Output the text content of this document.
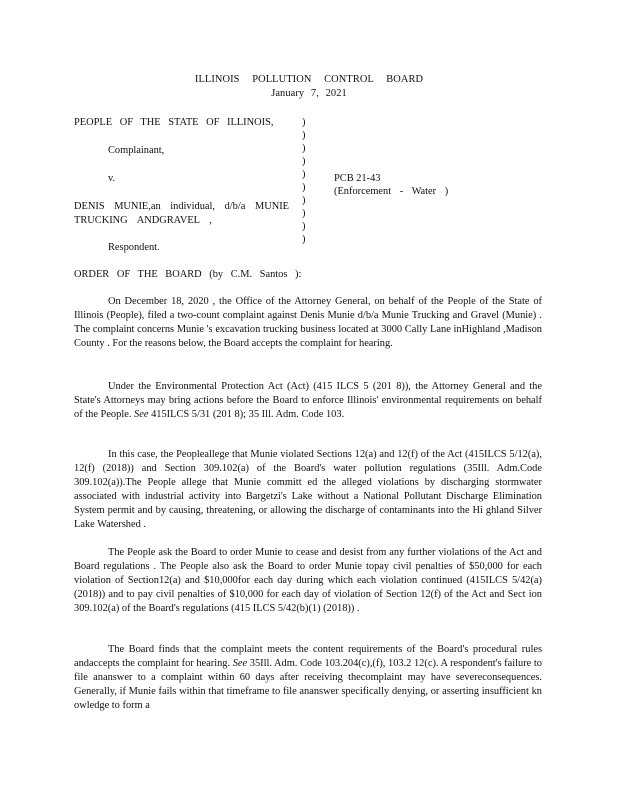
ILLINOIS POLLUTION CONTROL BOARD
January 7, 2021
PEOPLE OF THE STATE OF ILLINOIS,
Complainant,
v.	PCB 21-43
(Enforcement - Water )
DENIS MUNIE,an individual, d/b/a MUNIE
TRUCKING ANDGRAVEL ,
Respondent.
)
)
)
)
)
)
)
)
)
)
ORDER OF THE BOARD (by C.M. Santos ):

On December 18, 2020 , the Office of the Attorney General, on behalf of the People of the State of Illinois (People), filed a two-count complaint against Denis Munie d/b/a Munie Trucking and Gravel (Munie) . The complaint concerns Munie 's excavation trucking business located at 3000 Cally Lane inHighland ,Madison County . For the reasons below, the Board accepts the complaint for hearing.

Under the Environmental Protection Act (Act) (415 ILCS 5 (201 8)), the Attorney General and the State's Attorneys may bring actions before the Board to enforce Illinois' environmental requirements on behalf of the People. See 415ILCS 5/31 (201 8); 35 Ill. Adm. Code 103.

In this case, the Peopleallege that Munie violated Sections 12(a) and 12(f) of the Act (415ILCS 5/12(a), 12(f) (2018)) and Section 309.102(a) of the Board's water pollution regulations (35Ill. Adm.Code 309.102(a)).The People allege that Munie committ ed the alleged violations by discharging stormwater associated with industrial activity into Bargetzi's Lake without a National Pollutant Discharge Elimination System permit and by causing, threatening, or allowing the discharge of contaminants into the Hi ghland Silver Lake Watershed .

The People ask the Board to order Munie to cease and desist from any further violations of the Act and Board regulations . The People also ask the Board to order Munie topay civil penalties of $50,000 for each violation of Section12(a) and $10,000for each day during which each violation continued (415ILCS 5/42(a) (2018)) and to pay civil penalties of $10,000 for each day of violation of Section 12(f) of the Act and Sect ion 309.102(a) of the Board's regulations (415 ILCS 5/42(b)(1) (2018)) .

The Board finds that the complaint meets the content requirements of the Board's procedural rules andaccepts the complaint for hearing. See 35Ill. Adm. Code 103.204(c),(f), 103.2 12(c). A respondent's failure to file ananswer to a complaint within 60 days after receiving thecomplaint may have severeconsequences. Generally, if Munie fails within that timeframe to file ananswer specifically denying, or asserting insufficient kn owledge to form a
